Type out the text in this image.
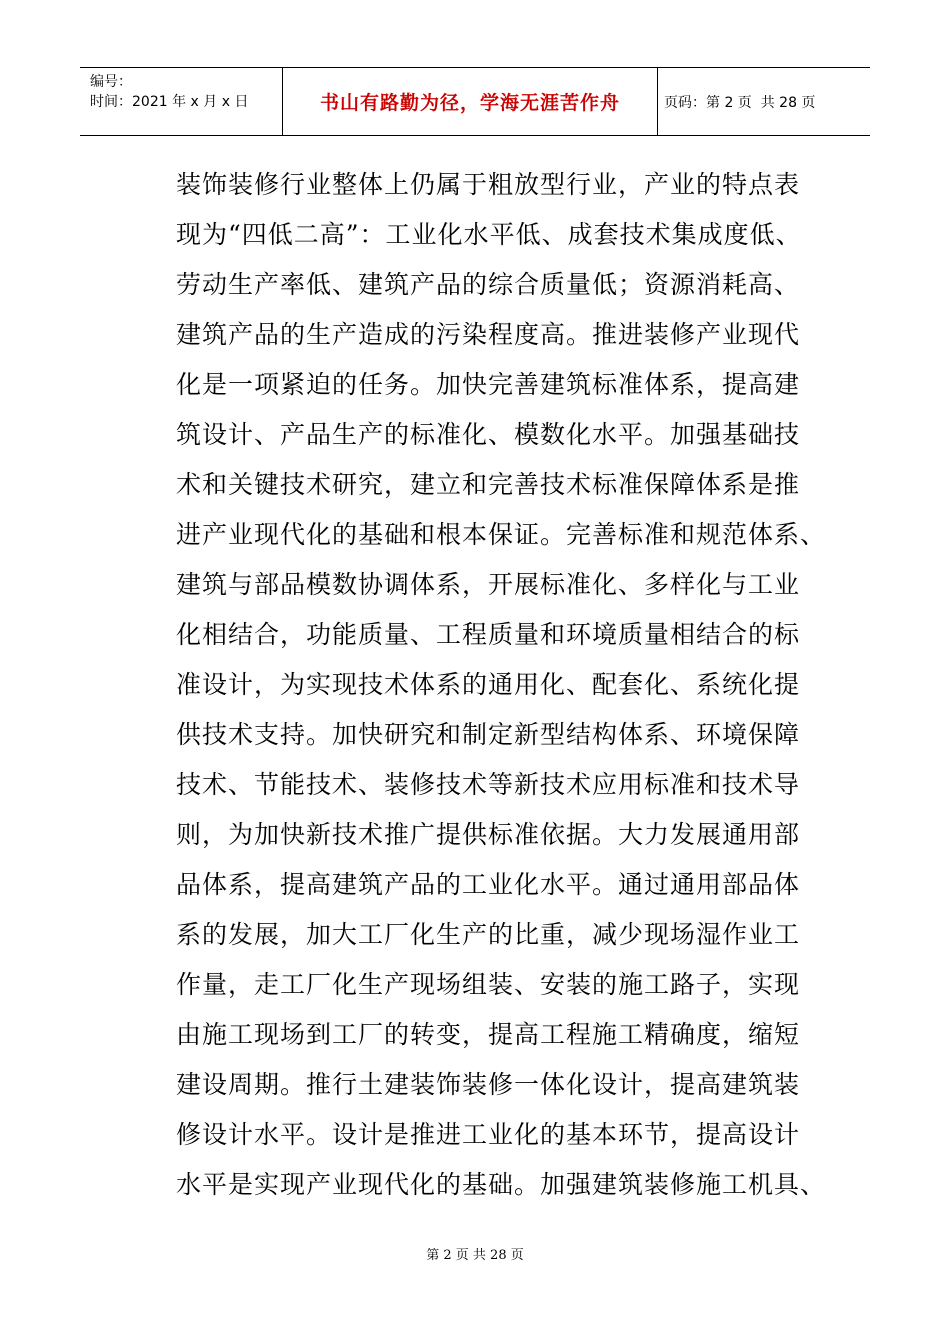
编号：
时间：2021 年 x 月 x 日	书山有路勤为径，学海无涯苦作舟	页码：第 2 页  共 28 页
装饰装修行业整体上仍属于粗放型行业，产业的特点表
现为“四低二高”：工业化水平低、成套技术集成度低、
劳动生产率低、建筑产品的综合质量低；资源消耗高、
建筑产品的生产造成的污染程度高。推进装修产业现代
化是一项紧迫的任务。加快完善建筑标准体系，提高建
筑设计、产品生产的标准化、模数化水平。加强基础技
术和关键技术研究，建立和完善技术标准保障体系是推
进产业现代化的基础和根本保证。完善标准和规范体系、
建筑与部品模数协调体系，开展标准化、多样化与工业
化相结合，功能质量、工程质量和环境质量相结合的标
准设计，为实现技术体系的通用化、配套化、系统化提
供技术支持。加快研究和制定新型结构体系、环境保障
技术、节能技术、装修技术等新技术应用标准和技术导
则，为加快新技术推广提供标准依据。大力发展通用部
品体系，提高建筑产品的工业化水平。通过通用部品体
系的发展，加大工厂化生产的比重，减少现场湿作业工
作量，走工厂化生产现场组装、安装的施工路子，实现
由施工现场到工厂的转变，提高工程施工精确度，缩短
建设周期。推行土建装饰装修一体化设计，提高建筑装
修设计水平。设计是推进工业化的基本环节，提高设计
水平是实现产业现代化的基础。加强建筑装修施工机具、
第 2 页 共 28 页
